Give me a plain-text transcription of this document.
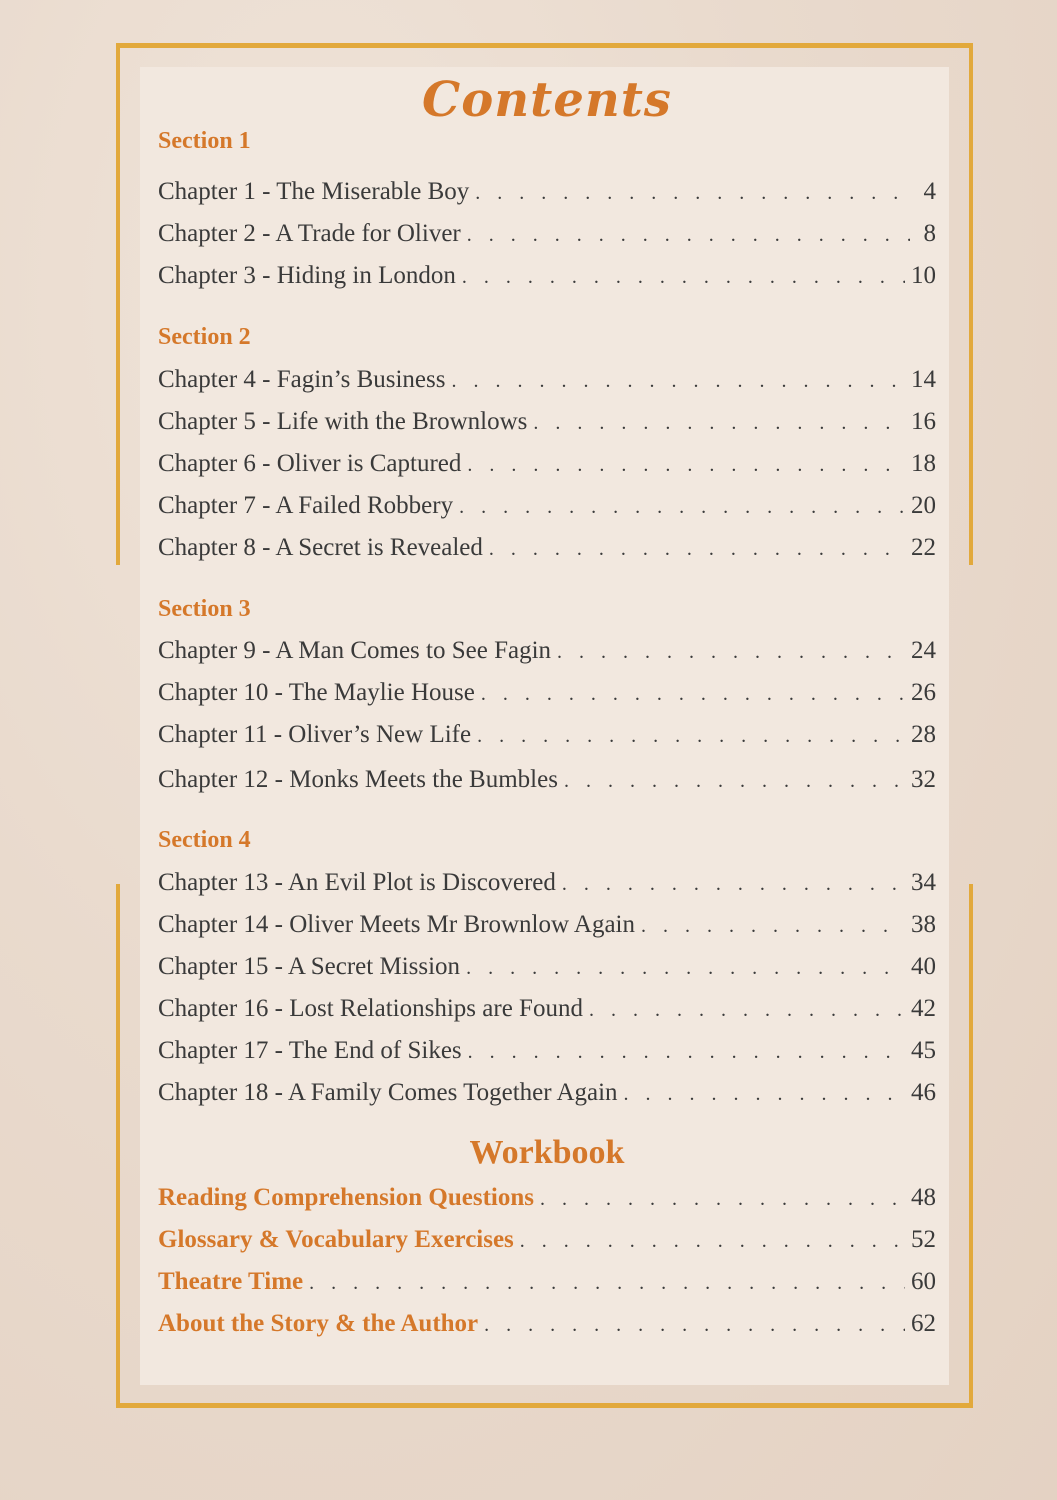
Contents
Section 1
Chapter 1 - The Miserable Boy . . .	4
Chapter 2 - A Trade for Oliver . . .	8
Chapter 3 - Hiding in London . . .	10
Section 2
Chapter 4 - Fagin’s Business . . .	14
Chapter 5 - Life with the Brownlows . . .	16
Chapter 6 - Oliver is Captured . . .	18
Chapter 7 - A Failed Robbery . . .	20
Chapter 8 - A Secret is Revealed . . .	22
Section 3
Chapter 9 - A Man Comes to See Fagin . . .	24
Chapter 10 - The Maylie House . . .	26
Chapter 11 - Oliver’s New Life . . .	28
Chapter 12 - Monks Meets the Bumbles . . .	32
Section 4
Chapter 13 - An Evil Plot is Discovered . . .	34
Chapter 14 - Oliver Meets Mr Brownlow Again . . .	38
Chapter 15 - A Secret Mission . . .	40
Chapter 16 - Lost Relationships are Found . . .	42
Chapter 17 - The End of Sikes . . .	45
Chapter 18 - A Family Comes Together Again . . .	46
Workbook
Reading Comprehension Questions . . .	48
Glossary & Vocabulary Exercises . . .	52
Theatre Time . . .	60
About the Story & the Author . . .	62
